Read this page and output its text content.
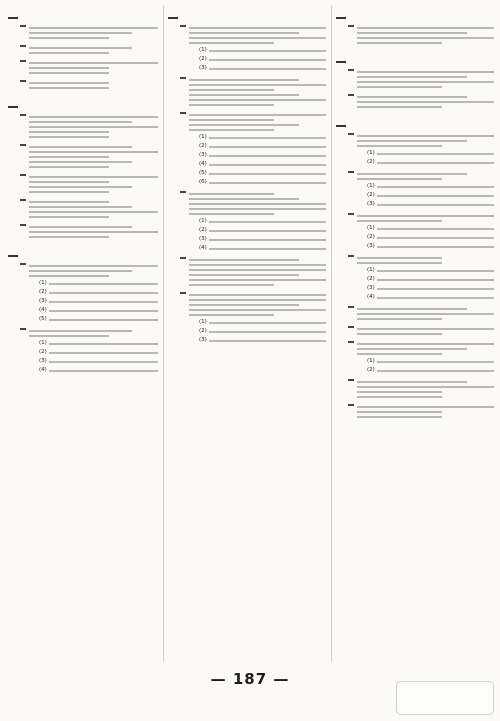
(1)
(2)
(3)
(4)
(5)
(1)
(2)
(3)
(4)
(1)
(2)
(3)
(1)
(2)
(3)
(4)
(5)
(6)
(1)
(2)
(3)
(4)
(1)
(2)
(3)
(1)
(2)
(1)
(2)
(3)
(1)
(2)
(3)
(1)
(2)
(3)
(4)
(1)
(2)
— 187 —
